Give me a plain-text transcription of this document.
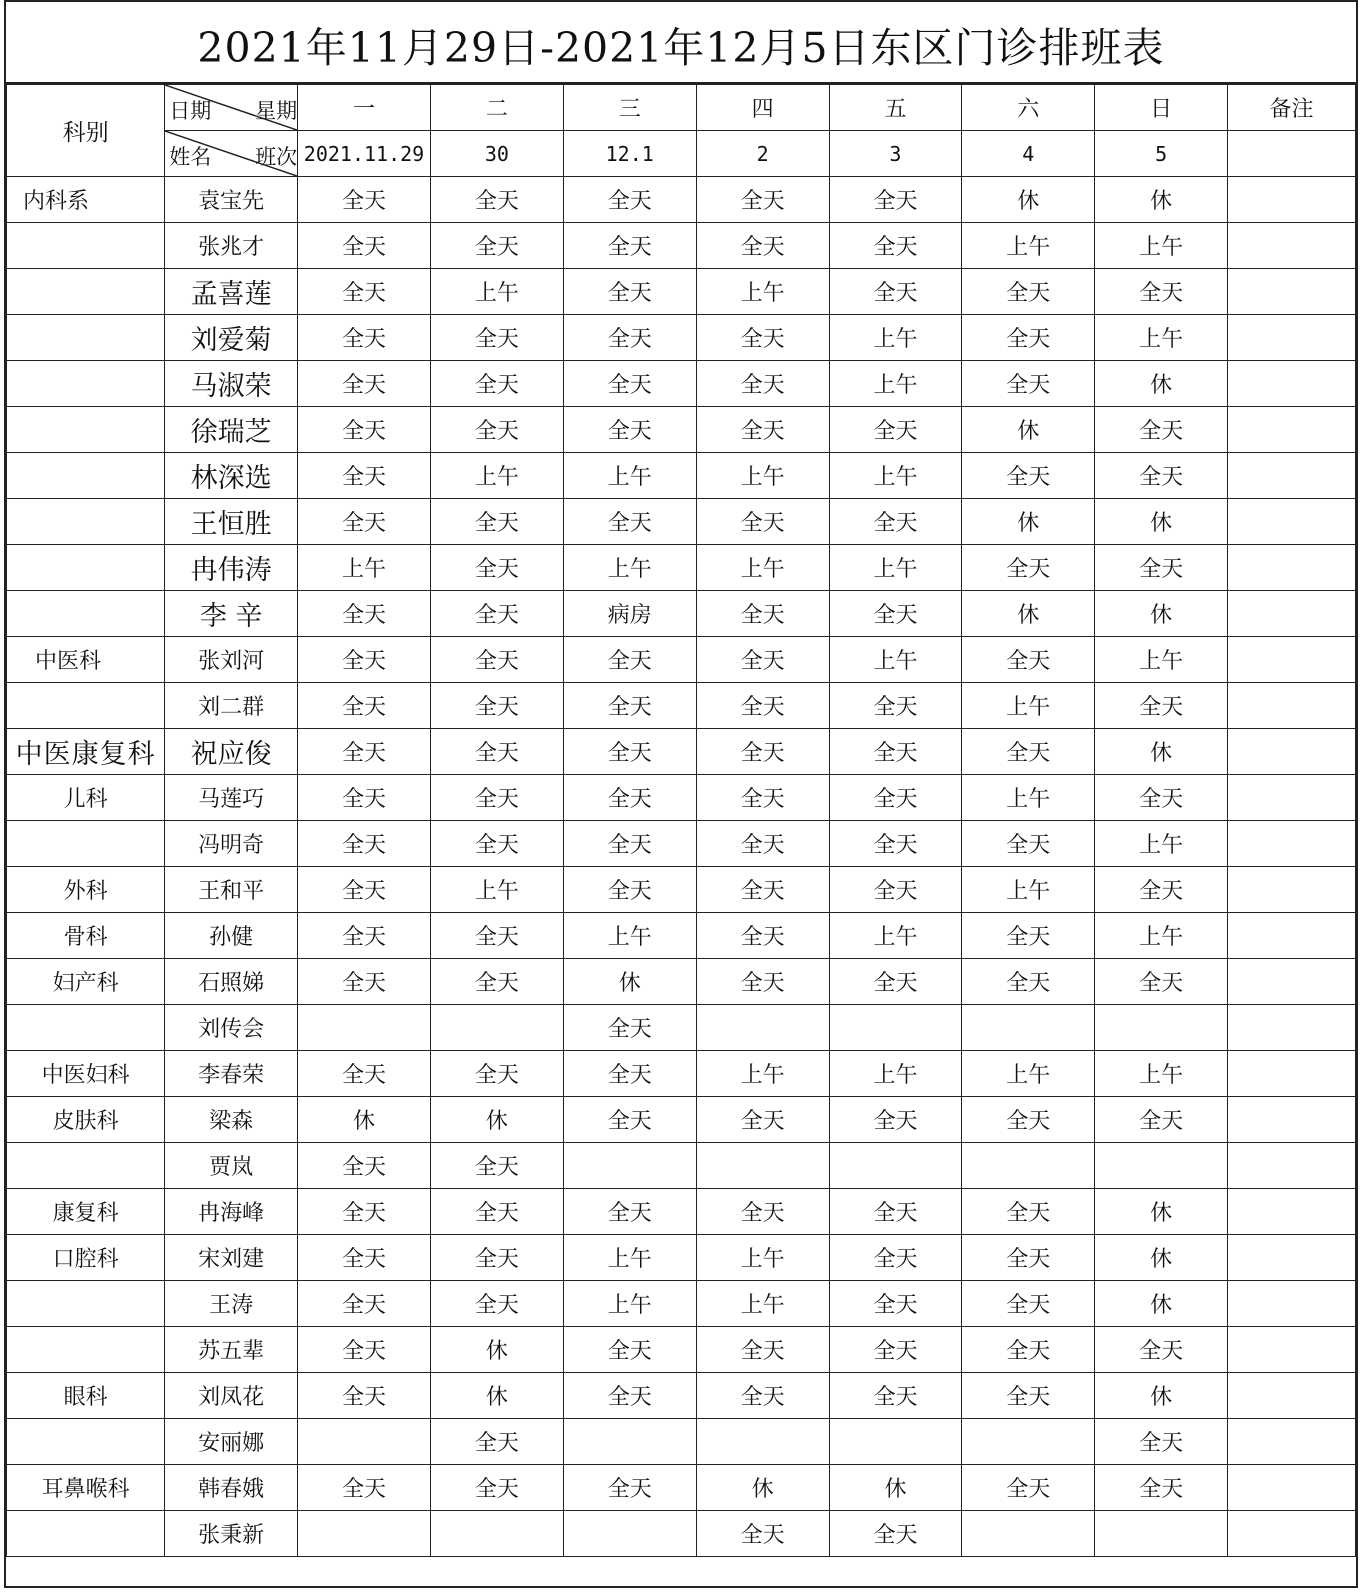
2021年11月29日-2021年12月5日东区门诊排班表
科别	日期 星期	一	二	三	四	五	六	日	备注

	姓名 班次	2021.11.29	30	12.1	2	3	4	5	
内科系	袁宝先	全天	全天	全天	全天	全天	休	休	
	张兆才	全天	全天	全天	全天	全天	上午	上午	
	孟喜莲	全天	上午	全天	上午	全天	全天	全天	
	刘爱菊	全天	全天	全天	全天	上午	全天	上午	
	马淑荣	全天	全天	全天	全天	上午	全天	休	
	徐瑞芝	全天	全天	全天	全天	全天	休	全天	
	林深选	全天	上午	上午	上午	上午	全天	全天	
	王恒胜	全天	全天	全天	全天	全天	休	休	
	冉伟涛	上午	全天	上午	上午	上午	全天	全天	
	李 辛	全天	全天	病房	全天	全天	休	休	
中医科	张刘河	全天	全天	全天	全天	上午	全天	上午	
	刘二群	全天	全天	全天	全天	全天	上午	全天	
中医康复科	祝应俊	全天	全天	全天	全天	全天	全天	休	
儿科	马莲巧	全天	全天	全天	全天	全天	上午	全天	
	冯明奇	全天	全天	全天	全天	全天	全天	上午	
外科	王和平	全天	上午	全天	全天	全天	上午	全天	
骨科	孙健	全天	全天	上午	全天	上午	全天	上午	
妇产科	石照娣	全天	全天	休	全天	全天	全天	全天	
	刘传会			全天					
中医妇科	李春荣	全天	全天	全天	上午	上午	上午	上午	
皮肤科	梁森	休	休	全天	全天	全天	全天	全天	
	贾岚	全天	全天						
康复科	冉海峰	全天	全天	全天	全天	全天	全天	休	
口腔科	宋刘建	全天	全天	上午	上午	全天	全天	休	
	王涛	全天	全天	上午	上午	全天	全天	休	
	苏五辈	全天	休	全天	全天	全天	全天	全天	
眼科	刘凤花	全天	休	全天	全天	全天	全天	休	
	安丽娜		全天					全天	
耳鼻喉科	韩春娥	全天	全天	全天	休	休	全天	全天	
	张秉新				全天	全天			
